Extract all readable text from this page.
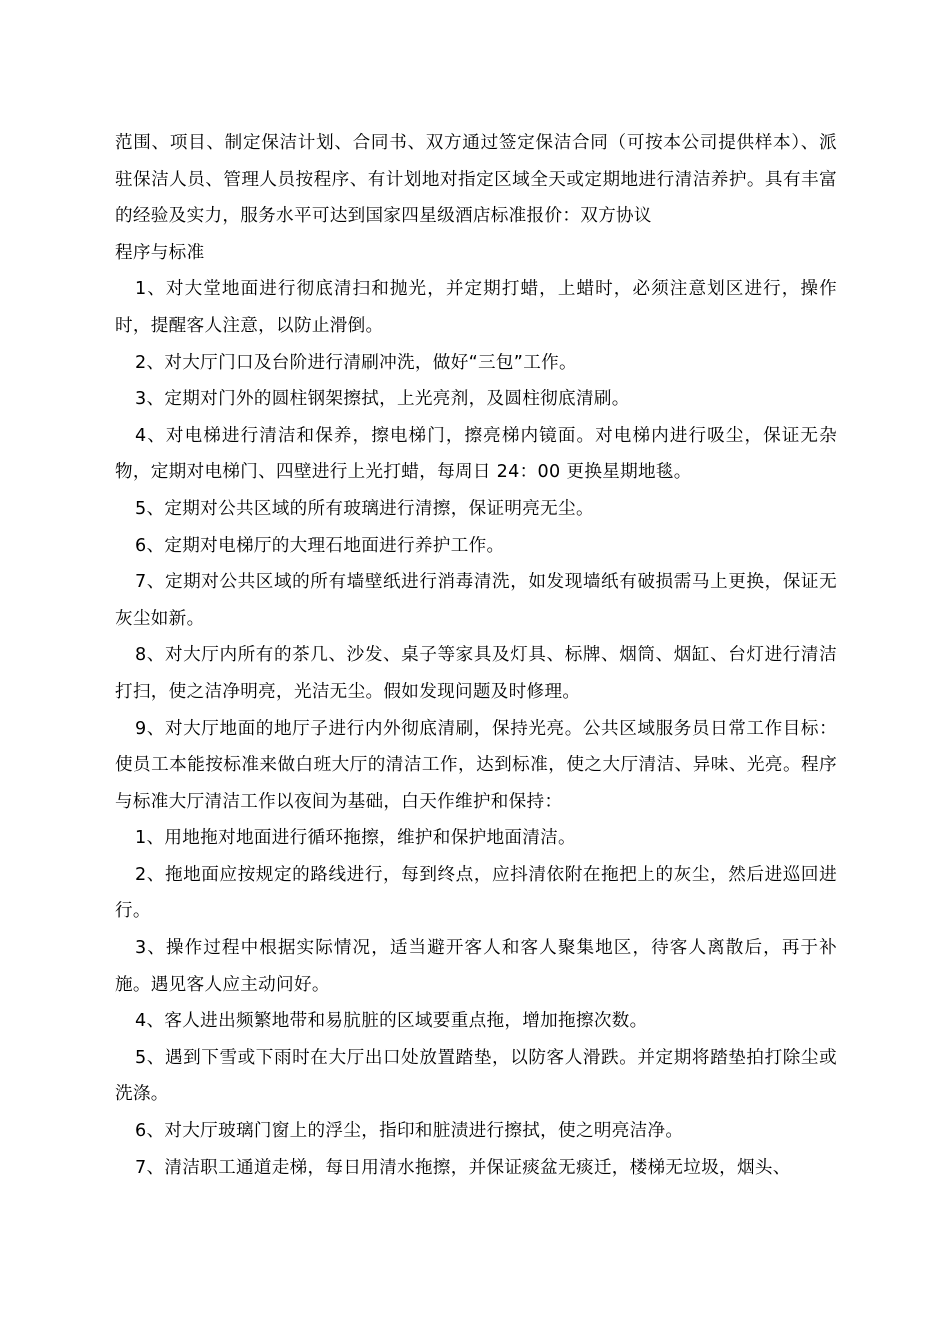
范围、项目、制定保洁计划、合同书、双方通过签定保洁合同（可按本公司提供样本）、派驻保洁人员、管理人员按程序、有计划地对指定区域全天或定期地进行清洁养护。具有丰富的经验及实力，服务水平可达到国家四星级酒店标准报价：双方协议

程序与标准

1、对大堂地面进行彻底清扫和抛光，并定期打蜡，上蜡时，必须注意划区进行，操作时，提醒客人注意，以防止滑倒。

2、对大厅门口及台阶进行清刷冲洗，做好“三包”工作。

3、定期对门外的圆柱钢架擦拭，上光亮剂，及圆柱彻底清刷。

4、对电梯进行清洁和保养，擦电梯门，擦亮梯内镜面。对电梯内进行吸尘，保证无杂物，定期对电梯门、四壁进行上光打蜡，每周日 24：00 更换星期地毯。

5、定期对公共区域的所有玻璃进行清擦，保证明亮无尘。

6、定期对电梯厅的大理石地面进行养护工作。

7、定期对公共区域的所有墙壁纸进行消毒清洗，如发现墙纸有破损需马上更换，保证无灰尘如新。

8、对大厅内所有的茶几、沙发、桌子等家具及灯具、标牌、烟筒、烟缸、台灯进行清洁打扫，使之洁净明亮，光洁无尘。假如发现问题及时修理。

9、对大厅地面的地厅子进行内外彻底清刷，保持光亮。公共区域服务员日常工作目标：使员工本能按标准来做白班大厅的清洁工作，达到标准，使之大厅清洁、异味、光亮。程序与标准大厅清洁工作以夜间为基础，白天作维护和保持：

1、用地拖对地面进行循环拖擦，维护和保护地面清洁。

2、拖地面应按规定的路线进行，每到终点，应抖清依附在拖把上的灰尘，然后进巡回进行。

3、操作过程中根据实际情况，适当避开客人和客人聚集地区，待客人离散后，再于补施。遇见客人应主动问好。

4、客人进出频繁地带和易肮脏的区域要重点拖，增加拖擦次数。

5、遇到下雪或下雨时在大厅出口处放置踏垫，以防客人滑跌。并定期将踏垫拍打除尘或洗涤。

6、对大厅玻璃门窗上的浮尘，指印和脏渍进行擦拭，使之明亮洁净。

7、清洁职工通道走梯，每日用清水拖擦，并保证痰盆无痰迁，楼梯无垃圾，烟头、
